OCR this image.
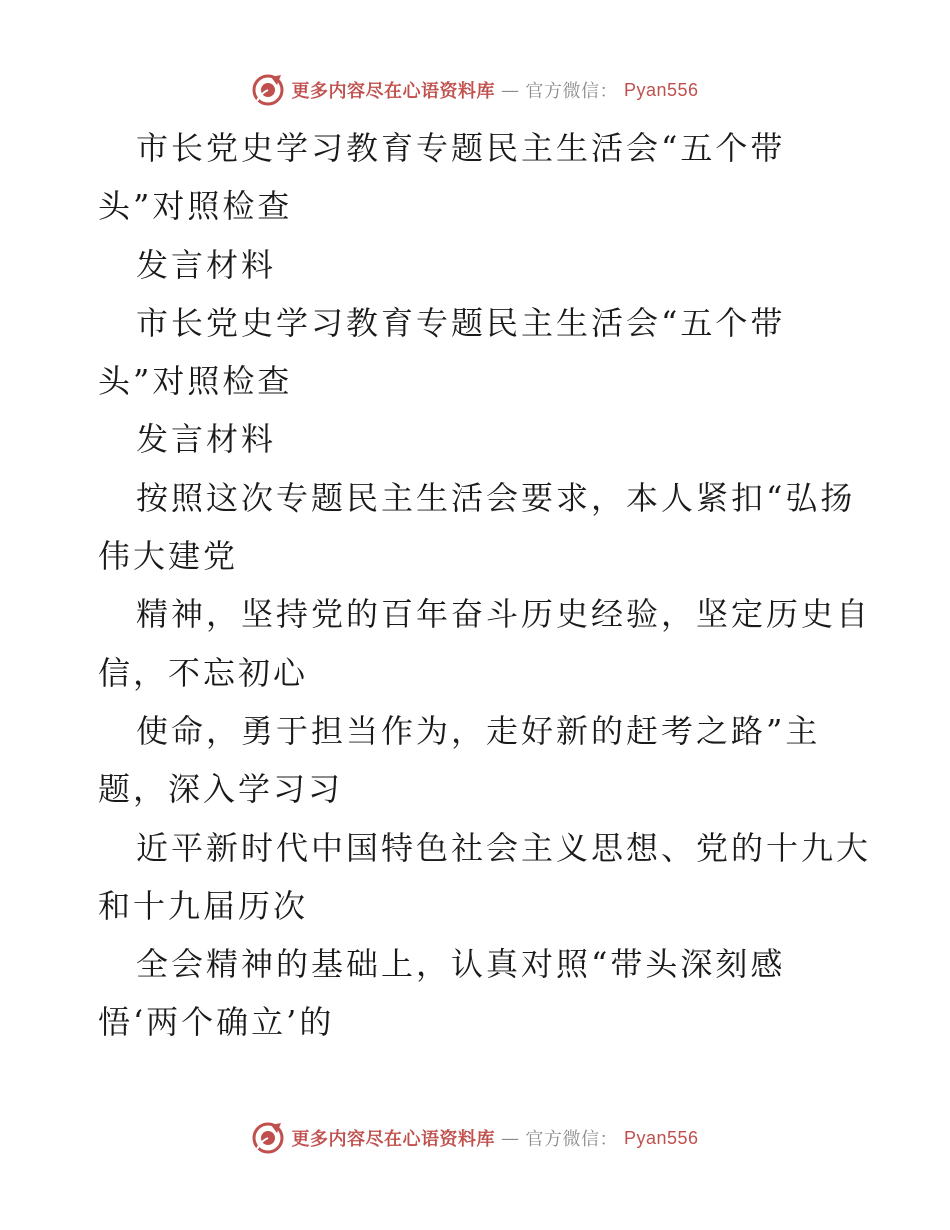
更多内容尽在心语资料库 — 官方微信： Pyan556
市长党史学习教育专题民主生活会“五个带
头”对照检查
发言材料
市长党史学习教育专题民主生活会“五个带
头”对照检查
发言材料
按照这次专题民主生活会要求，本人紧扣“弘扬
伟大建党
精神，坚持党的百年奋斗历史经验，坚定历史自
信，不忘初心
使命，勇于担当作为，走好新的赶考之路”主
题，深入学习习
近平新时代中国特色社会主义思想、党的十九大
和十九届历次
全会精神的基础上，认真对照“带头深刻感
悟‘两个确立’的
更多内容尽在心语资料库 — 官方微信： Pyan556
